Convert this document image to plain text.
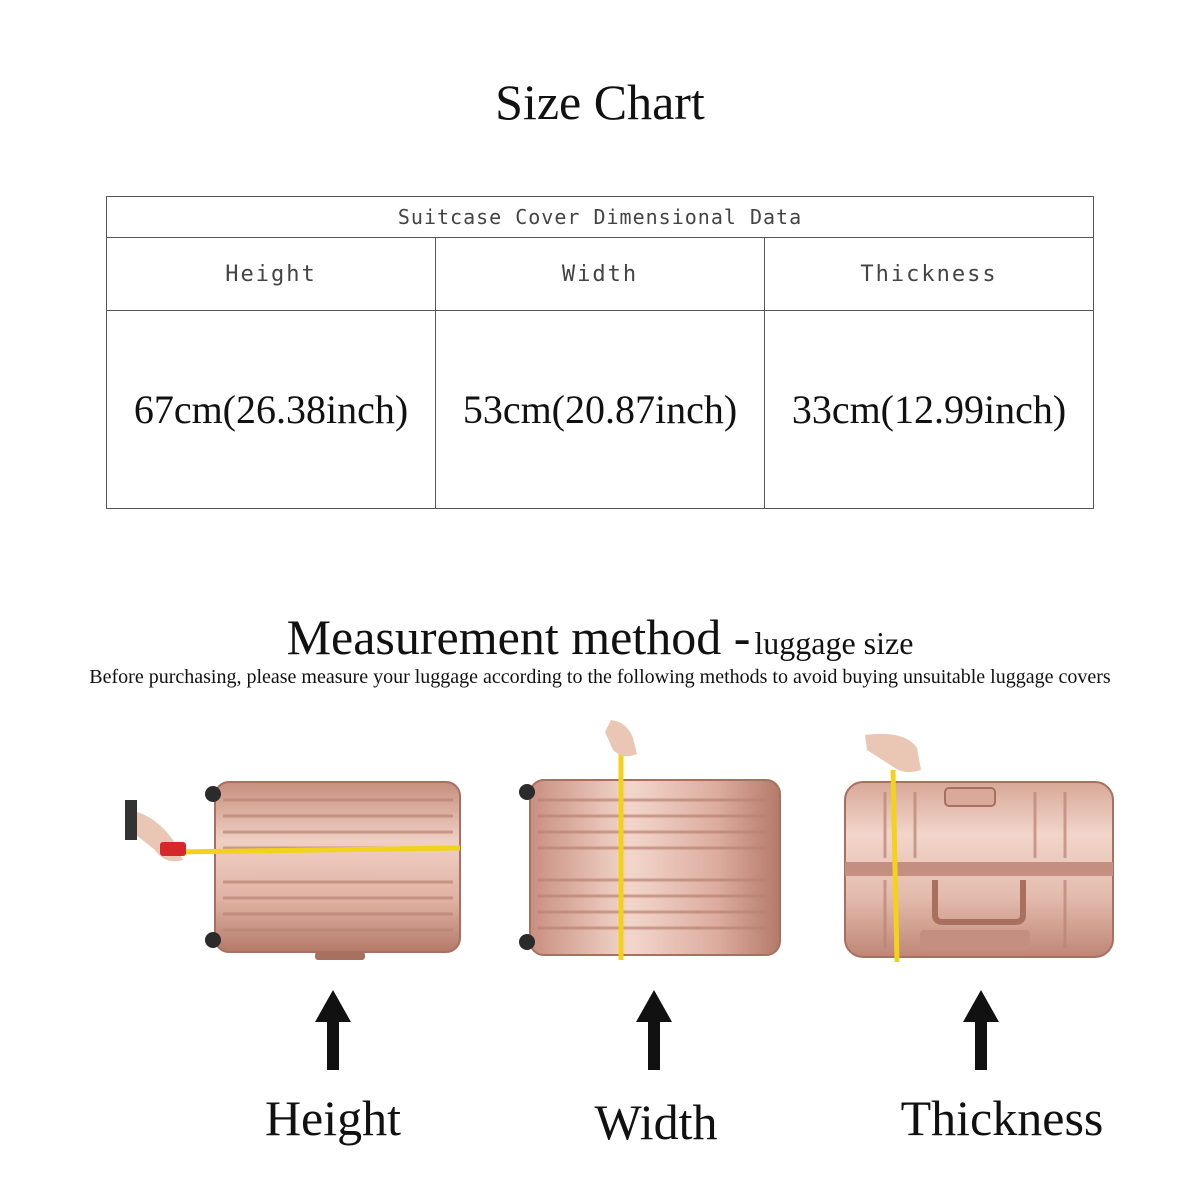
Size Chart
Suitcase Cover Dimensional Data		
Height	Width	Thickness
67cm(26.38inch)	53cm(20.87inch)	33cm(12.99inch)
Measurement method - luggage size
Before purchasing, please measure your luggage according to the following methods to avoid buying unsuitable luggage covers
Height	Width	Thickness
